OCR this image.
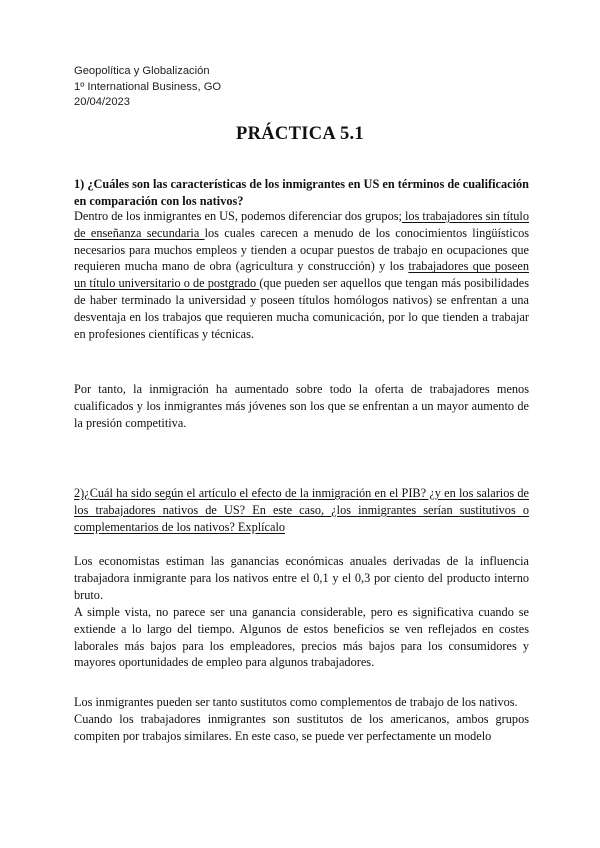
Geopolítica y Globalización
1º International Business, GO
20/04/2023
PRÁCTICA 5.1
1) ¿Cuáles son las características de los inmigrantes en US en términos de cualificación en comparación con los nativos?
Dentro de los inmigrantes en US, podemos diferenciar dos grupos; los trabajadores sin título de enseñanza secundaria los cuales carecen a menudo de los conocimientos lingüísticos necesarios para muchos empleos y tienden a ocupar puestos de trabajo en ocupaciones que requieren mucha mano de obra (agricultura y construcción) y los trabajadores que poseen un título universitario o de postgrado (que pueden ser aquellos que tengan más posibilidades de haber terminado la universidad y poseen títulos homólogos nativos) se enfrentan a una desventaja en los trabajos que requieren mucha comunicación, por lo que tienden a trabajar en profesiones científicas y técnicas.
Por tanto, la inmigración ha aumentado sobre todo la oferta de trabajadores menos cualificados y los inmigrantes más jóvenes son los que se enfrentan a un mayor aumento de la presión competitiva.
2)¿Cuál ha sido según el artículo el efecto de la inmigración en el PIB? ¿y en los salarios de los trabajadores nativos de US? En este caso, ¿los inmigrantes serían sustitutivos o complementarios de los nativos? Explícalo
Los economistas estiman las ganancias económicas anuales derivadas de la influencia trabajadora inmigrante para los nativos entre el 0,1 y el 0,3 por ciento del producto interno bruto.
A simple vista, no parece ser una ganancia considerable, pero es significativa cuando se extiende a lo largo del tiempo. Algunos de estos beneficios se ven reflejados en costes laborales más bajos para los empleadores, precios más bajos para los consumidores y mayores oportunidades de empleo para algunos trabajadores.
Los inmigrantes pueden ser tanto sustitutos como complementos de trabajo de los nativos.
Cuando los trabajadores inmigrantes son sustitutos de los americanos, ambos grupos compiten por trabajos similares. En este caso, se puede ver perfectamente un modelo
